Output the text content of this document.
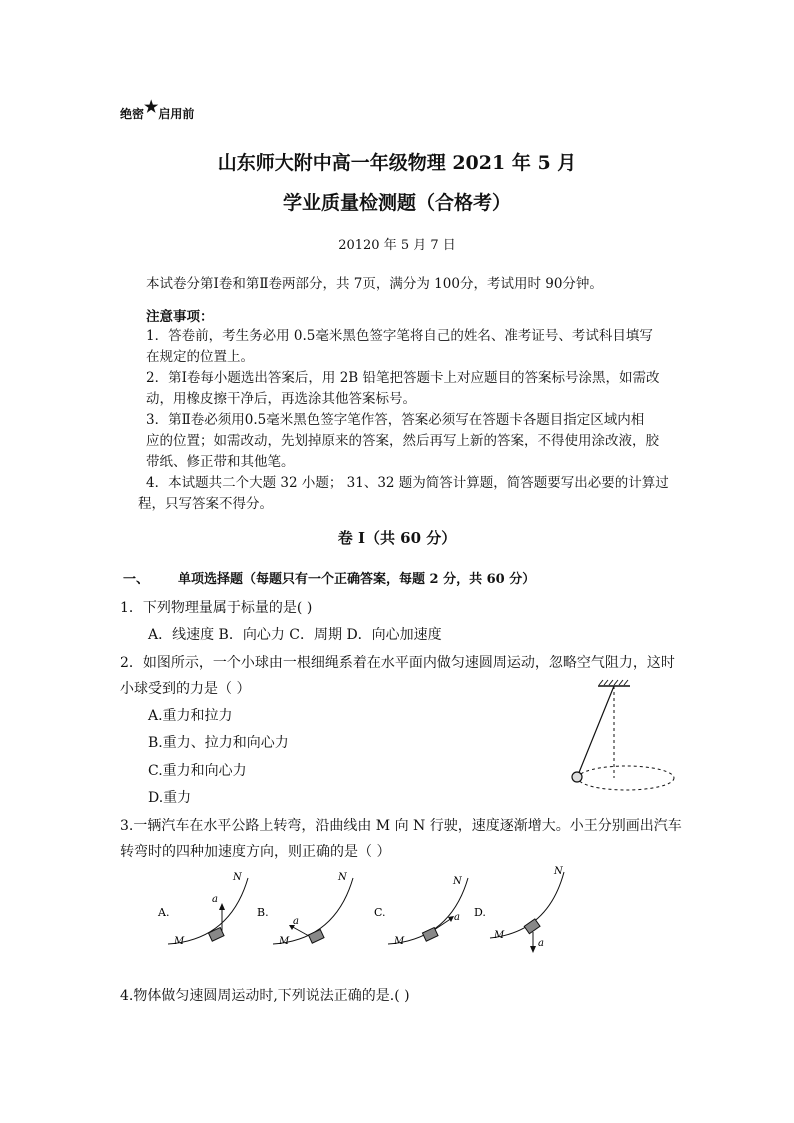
绝密★启用前
山东师大附中高一年级物理 2021 年 5 月
学业质量检测题（合格考）
20120 年 5 月 7 日
本试卷分第Ⅰ卷和第Ⅱ卷两部分，共 7页，满分为 100分，考试用时 90分钟。
注意事项：
1．答卷前，考生务必用 0.5毫米黑色签字笔将自己的姓名、准考证号、考试科目填写
在规定的位置上。
2．第Ⅰ卷每小题选出答案后，用 2B 铅笔把答题卡上对应题目的答案标号涂黑，如需改
动，用橡皮擦干净后，再选涂其他答案标号。
3．第Ⅱ卷必须用0.5毫米黑色签字笔作答，答案必须写在答题卡各题目指定区域内相
应的位置；如需改动，先划掉原来的答案，然后再写上新的答案，不得使用涂改液，胶
带纸、修正带和其他笔。
4．本试题共二个大题 32 小题； 31、32 题为简答计算题，简答题要写出必要的计算过
程，只写答案不得分。
卷 I（共 60 分）
一、 单项选择题（每题只有一个正确答案，每题 2 分，共 60 分）
1．下列物理量属于标量的是( )
A．线速度 B．向心力 C．周期 D．向心加速度
2．如图所示，一个小球由一根细绳系着在水平面内做匀速圆周运动，忽略空气阻力，这时
小球受到的力是（ ）
A.重力和拉力
B.重力、拉力和向心力
C.重力和向心力
D.重力
3.一辆汽车在水平公路上转弯，沿曲线由 M 向 N 行驶，速度逐渐增大。小王分别画出汽车
转弯时的四种加速度方向，则正确的是（ ）
A.
M
N
a
B.
M
N
a
C.
M
N
a D.
M
N
a
4.物体做匀速圆周运动时,下列说法正确的是.( )
